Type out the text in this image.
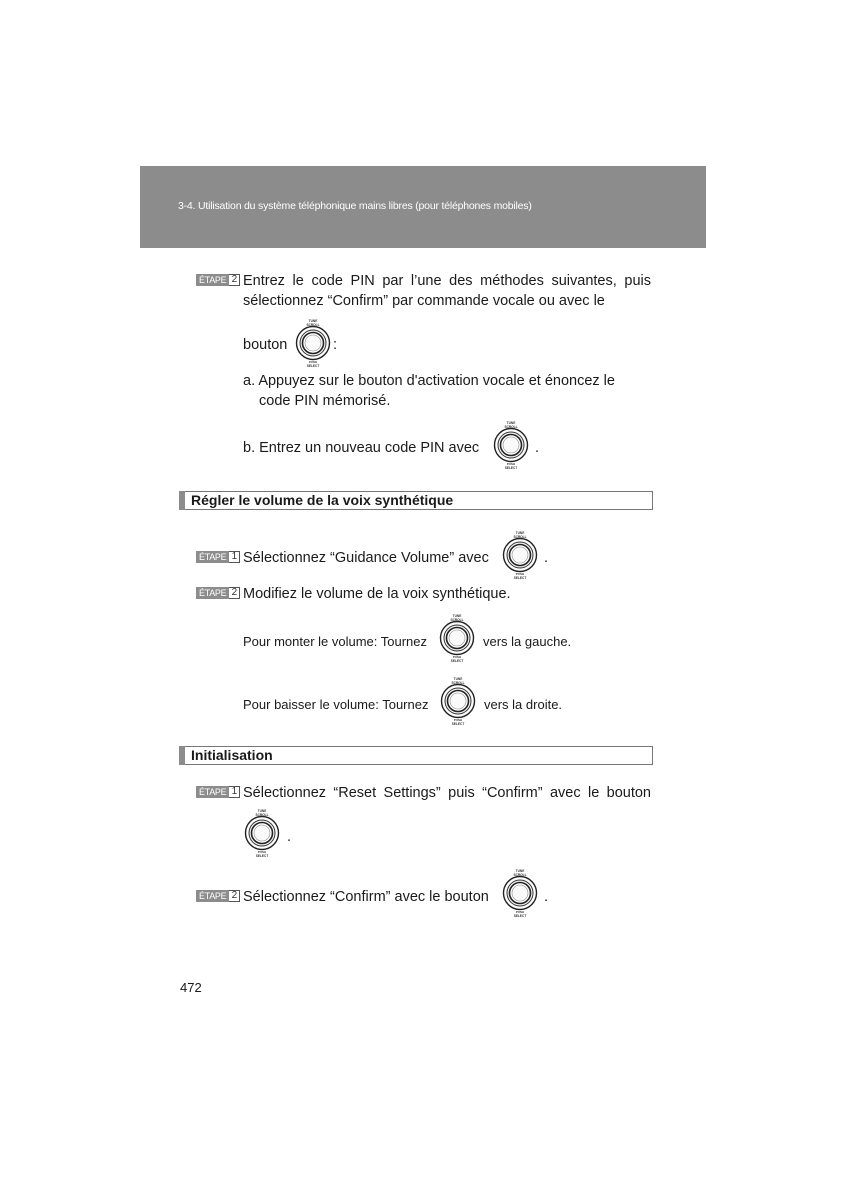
3-4. Utilisation du système téléphonique mains libres (pour téléphones mobiles)
ÉTAPE 2 Entrez le code PIN par l’une des méthodes suivantes, puis sélectionnez “Confirm” par commande vocale ou avec le
bouton
TUNE
SCROLL
PUSH
SELECT
:
a. Appuyez sur le bouton d'activation vocale et énoncez le
code PIN mémorisé.
b. Entrez un nouveau code PIN avec
TUNE
SCROLL
PUSH
SELECT
.
Régler le volume de la voix synthétique
ÉTAPE 1 Sélectionnez “Guidance Volume” avec
TUNE
SCROLL
PUSH
SELECT
.
ÉTAPE 2 Modifiez le volume de la voix synthétique.
Pour monter le volume: Tournez
TUNE
SCROLL
PUSH
SELECT
vers la gauche.
Pour baisser le volume: Tournez
TUNE
SCROLL
PUSH
SELECT
vers la droite.
Initialisation
ÉTAPE 1 Sélectionnez “Reset Settings” puis “Confirm” avec le bouton
TUNE
SCROLL
PUSH
SELECT
.
ÉTAPE 2 Sélectionnez “Confirm” avec le bouton
TUNE
SCROLL
PUSH
SELECT
.
472
